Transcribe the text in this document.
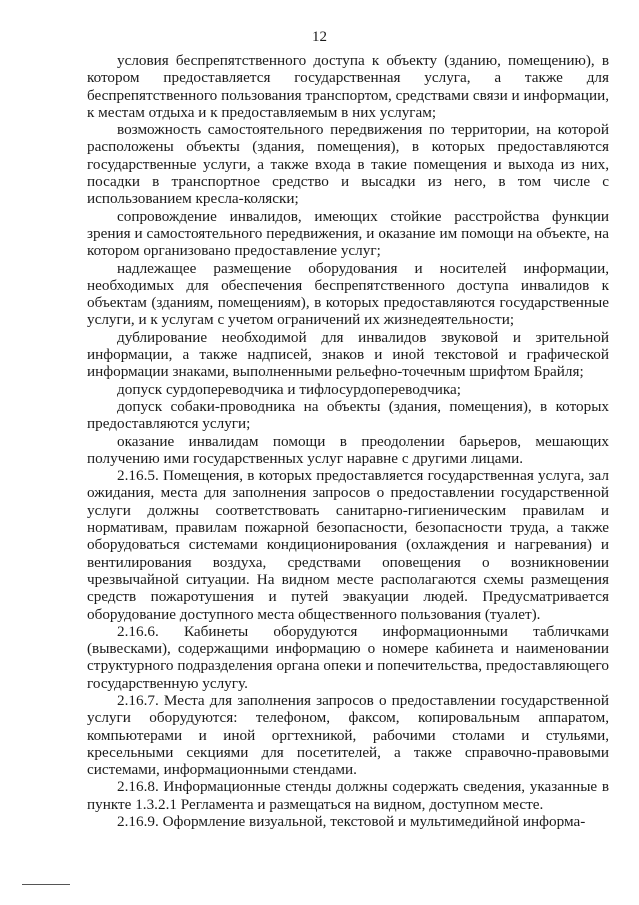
12

условия беспрепятственного доступа к объекту (зданию, помещению), в котором предоставляется государственная услуга, а также для беспрепятственного пользования транспортом, средствами связи и информации, к местам отдыха и к предоставляемым в них услугам;

возможность самостоятельного передвижения по территории, на которой расположены объекты (здания, помещения), в которых предоставляются государственные услуги, а также входа в такие помещения и выхода из них, посадки в транспортное средство и высадки из него, в том числе с использованием кресла-коляски;

сопровождение инвалидов, имеющих стойкие расстройства функции зрения и самостоятельного передвижения, и оказание им помощи на объекте, на котором организовано предоставление услуг;

надлежащее размещение оборудования и носителей информации, необходимых для обеспечения беспрепятственного доступа инвалидов к объектам (зданиям, помещениям), в которых предоставляются государственные услуги, и к услугам с учетом ограничений их жизнедеятельности;

дублирование необходимой для инвалидов звуковой и зрительной информации, а также надписей, знаков и иной текстовой и графической информации знаками, выполненными рельефно-точечным шрифтом Брайля;

допуск сурдопереводчика и тифлосурдопереводчика;

допуск собаки-проводника на объекты (здания, помещения), в которых предоставляются услуги;

оказание инвалидам помощи в преодолении барьеров, мешающих получению ими государственных услуг наравне с другими лицами.

2.16.5. Помещения, в которых предоставляется государственная услуга, зал ожидания, места для заполнения запросов о предоставлении государственной услуги должны соответствовать санитарно-гигиеническим правилам и нормативам, правилам пожарной безопасности, безопасности труда, а также оборудоваться системами кондиционирования (охлаждения и нагревания) и вентилирования воздуха, средствами оповещения о возникновении чрезвычайной ситуации. На видном месте располагаются схемы размещения средств пожаротушения и путей эвакуации людей. Предусматривается оборудование доступного места общественного пользования (туалет).

2.16.6. Кабинеты оборудуются информационными табличками (вывесками), содержащими информацию о номере кабинета и наименовании структурного подразделения органа опеки и попечительства, предоставляющего государственную услугу.

2.16.7. Места для заполнения запросов о предоставлении государственной услуги оборудуются: телефоном, факсом, копировальным аппаратом, компьютерами и иной оргтехникой, рабочими столами и стульями, кресельными секциями для посетителей, а также справочно-правовыми системами, информационными стендами.

2.16.8. Информационные стенды должны содержать сведения, указанные в пункте 1.3.2.1 Регламента и размещаться на видном, доступном месте.

2.16.9. Оформление визуальной, текстовой и мультимедийной информа-
